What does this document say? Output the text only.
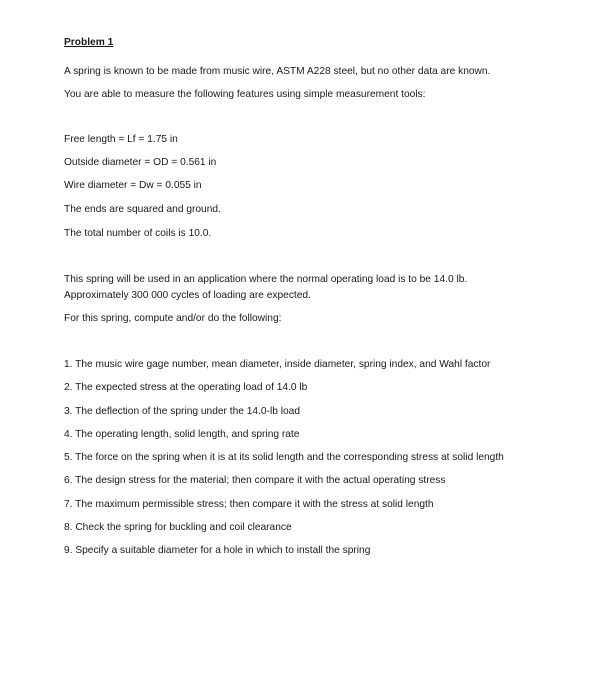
Problem 1
A spring is known to be made from music wire, ASTM A228 steel, but no other data are known.
You are able to measure the following features using simple measurement tools:
Free length = Lf = 1.75 in
Outside diameter = OD = 0.561 in
Wire diameter = Dw = 0.055 in
The ends are squared and ground.
The total number of coils is 10.0.
This spring will be used in an application where the normal operating load is to be 14.0 lb.
Approximately 300 000 cycles of loading are expected.
For this spring, compute and/or do the following:
1. The music wire gage number, mean diameter, inside diameter, spring index, and Wahl factor
2. The expected stress at the operating load of 14.0 lb
3. The deflection of the spring under the 14.0-lb load
4. The operating length, solid length, and spring rate
5. The force on the spring when it is at its solid length and the corresponding stress at solid length
6. The design stress for the material; then compare it with the actual operating stress
7. The maximum permissible stress; then compare it with the stress at solid length
8. Check the spring for buckling and coil clearance
9. Specify a suitable diameter for a hole in which to install the spring
